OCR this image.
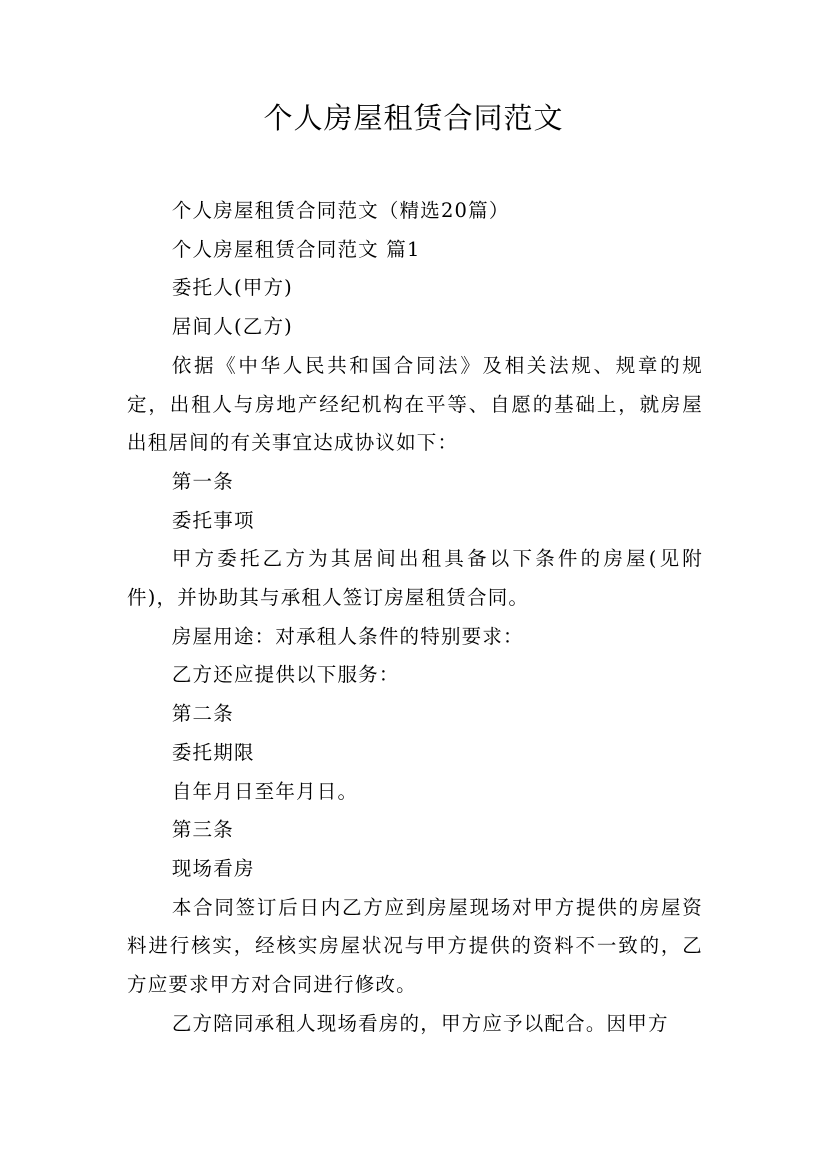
个人房屋租赁合同范文

个人房屋租赁合同范文（精选20篇）

个人房屋租赁合同范文 篇1

委托人(甲方)

居间人(乙方)

依据《中华人民共和国合同法》及相关法规、规章的规定，出租人与房地产经纪机构在平等、自愿的基础上，就房屋出租居间的有关事宜达成协议如下：

第一条

委托事项

甲方委托乙方为其居间出租具备以下条件的房屋(见附件)，并协助其与承租人签订房屋租赁合同。

房屋用途：对承租人条件的特别要求：

乙方还应提供以下服务：

第二条

委托期限

自年月日至年月日。

第三条

现场看房

本合同签订后日内乙方应到房屋现场对甲方提供的房屋资料进行核实，经核实房屋状况与甲方提供的资料不一致的，乙方应要求甲方对合同进行修改。

乙方陪同承租人现场看房的，甲方应予以配合。因甲方
